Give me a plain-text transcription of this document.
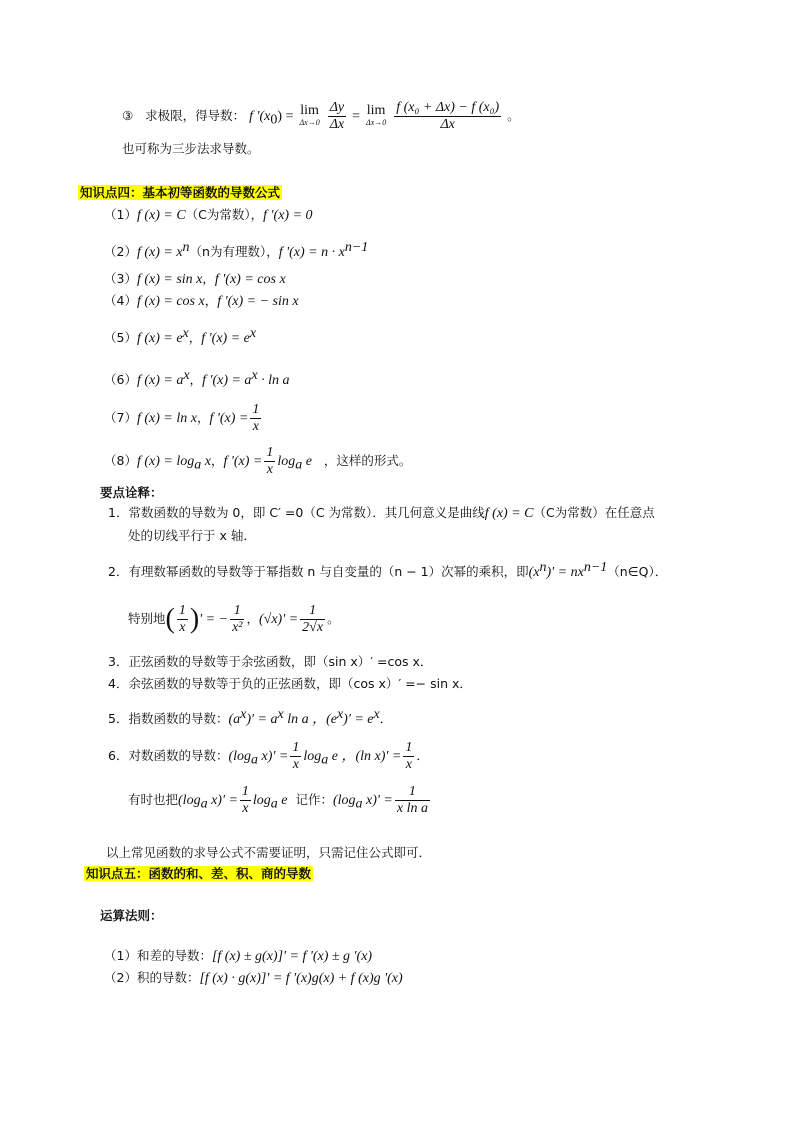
③ 求极限，得导数： f '$(x_0) = \lim$
Δx→0
$\frac{\Delta y}{\Delta x} = \lim$
Δx→0
$\frac{\text{f (x₀ + Δx) − f (x₀)}}{\Delta x}$ 。
也可称为三步法求导数。
知识点四：基本初等函数的导数公式
（1）f (x) = C（C为常数），f '(x) = 0
（2）f $(x) = x^n(n$为有理数），f '$(x) = n \cdot x^{n-1}$
（3）f (x) = sin x，f '(x) = cos x
（4）f (x) = cos x，f '(x) = − sin x
（5）f $(x) = e^x$，f '$(x) = e^x$
（6）f $(x) = a^x$，f '$(x) = a^x \cdot \ln a$
（7）f (x) = ln x，f '$(x) = \frac{1}{x}$
（8）f $(x) = \log_a x$，f '$(x) = \frac{1}{x} \log_a e$ ，这样的形式。
要点诠释：
1．常数函数的导数为 0，即 C′ =0（C 为常数）．其几何意义是曲线f (x) = C（C为常数）在任意点
处的切线平行于 x 轴．
2．有理数幂函数的导数等于幂指数 n 与自变量的（n − 1）次幂的乘积，即$(x^n)'$ = $nx^{n-1}(n\in Q)$．
特别地( $\frac{1}{x}$ )' = − $\frac{1}{\text{x²}}$ ，$(√x)' = \frac{1}{2√x}$ 。
3．正弦函数的导数等于余弦函数，即（sin x）′ =cos x．
4．余弦函数的导数等于负的正弦函数，即（cos x）′ =− sin x．
5．指数函数的导数：$(a^x)' = a^x$ ln a ，$(e^x)' = e^x$．
6．对数函数的导数：($\log_a$ $x)' = \frac{1}{x} \log_a e$ ，(ln $x)' = \frac{1}{x}$ ．
有时也把($\log_a$ $x)' = \frac{1}{x} \log_a e$ 记作：($\log_a$ $x)' = \frac{1}{\text{x ln a}}$
以上常见函数的求导公式不需要证明，只需记住公式即可．
知识点五：函数的和、差、积、商的导数
运算法则：
（1）和差的导数：[f (x) ± g(x)]' = f '(x) ± g '(x)
（2）积的导数：[f (x) · g(x)]' = f '(x)g(x) + f (x)g '(x)
